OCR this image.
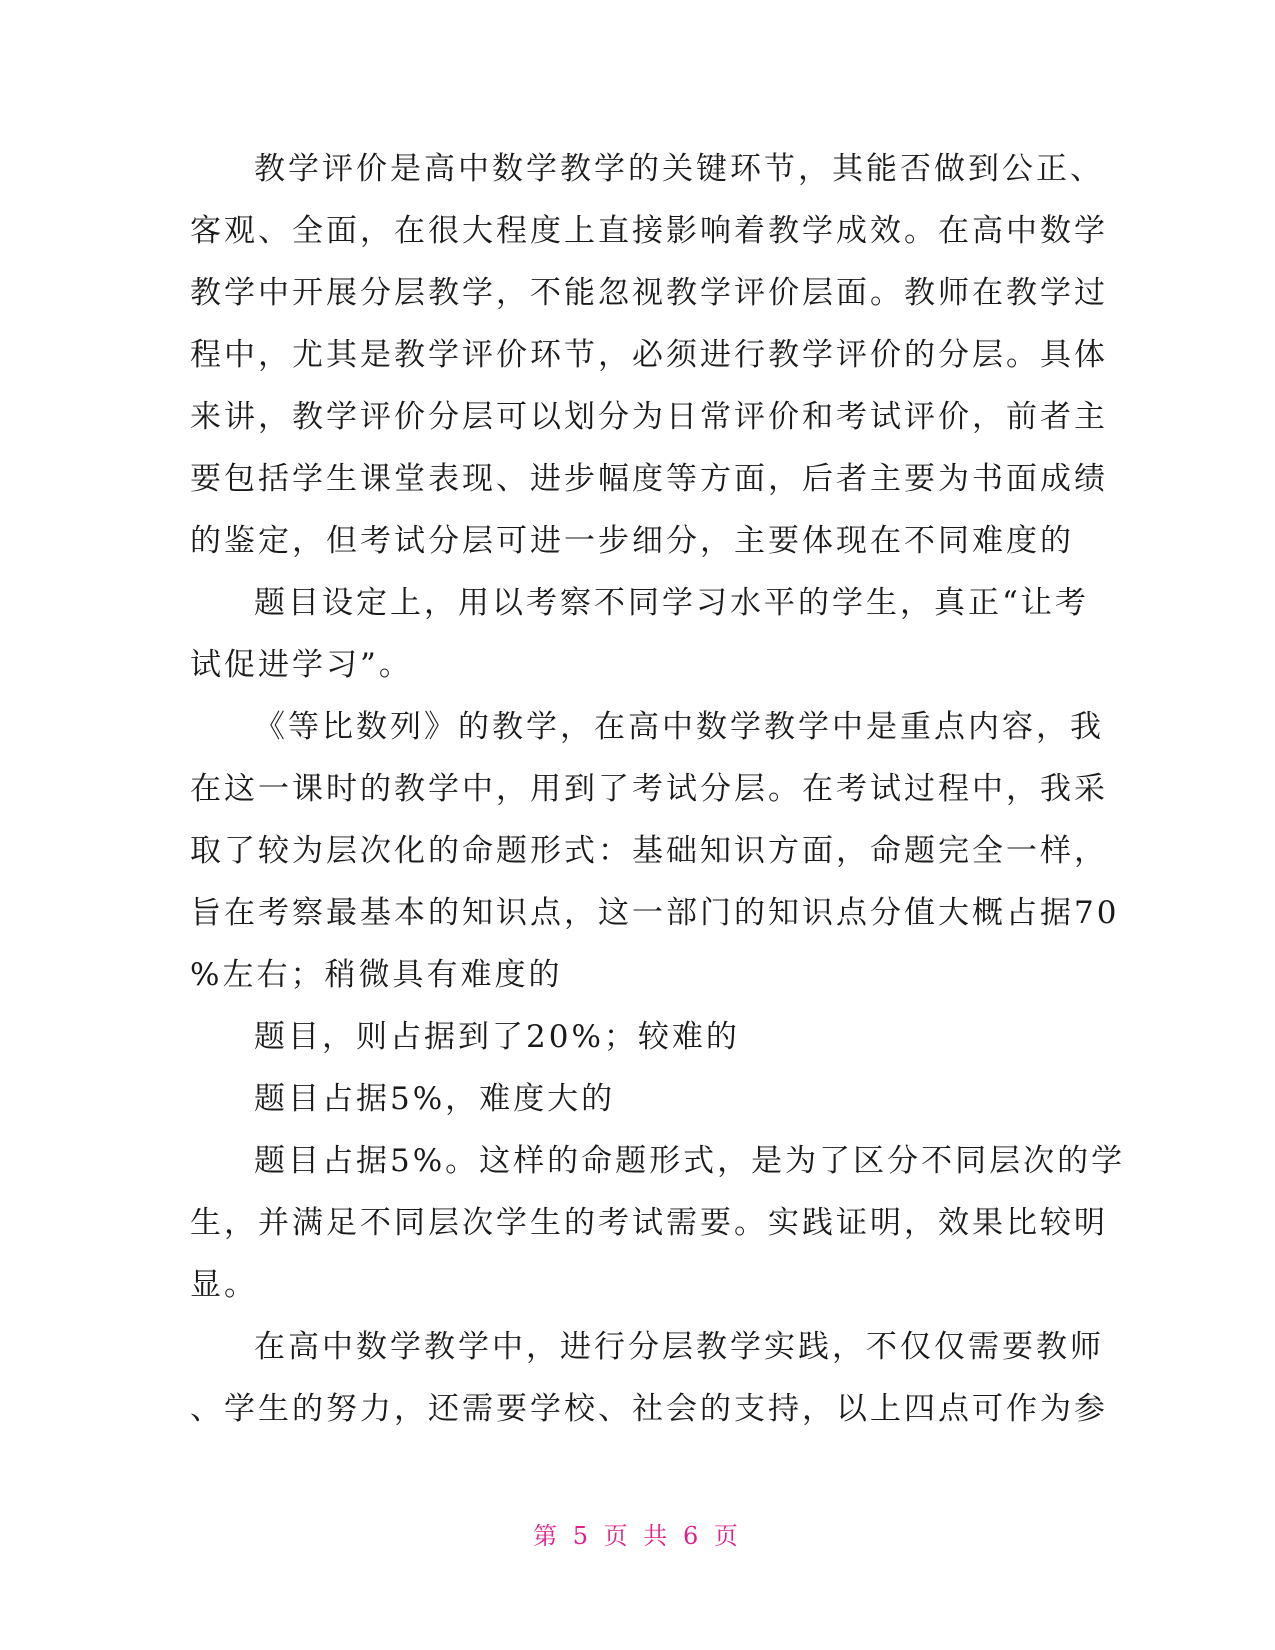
教学评价是高中数学教学的关键环节，其能否做到公正、
客观、全面，在很大程度上直接影响着教学成效。在高中数学
教学中开展分层教学，不能忽视教学评价层面。教师在教学过
程中，尤其是教学评价环节，必须进行教学评价的分层。具体
来讲，教学评价分层可以划分为日常评价和考试评价，前者主
要包括学生课堂表现、进步幅度等方面，后者主要为书面成绩
的鉴定，但考试分层可进一步细分，主要体现在不同难度的
题目设定上，用以考察不同学习水平的学生，真正“让考
试促进学习”。
《等比数列》的教学，在高中数学教学中是重点内容，我
在这一课时的教学中，用到了考试分层。在考试过程中，我采
取了较为层次化的命题形式：基础知识方面，命题完全一样，
旨在考察最基本的知识点，这一部门的知识点分值大概占据70
%左右；稍微具有难度的
题目，则占据到了20%；较难的
题目占据5%，难度大的
题目占据5%。这样的命题形式，是为了区分不同层次的学
生，并满足不同层次学生的考试需要。实践证明，效果比较明
显。
在高中数学教学中，进行分层教学实践，不仅仅需要教师
、学生的努力，还需要学校、社会的支持，以上四点可作为参
第 5 页 共 6 页
